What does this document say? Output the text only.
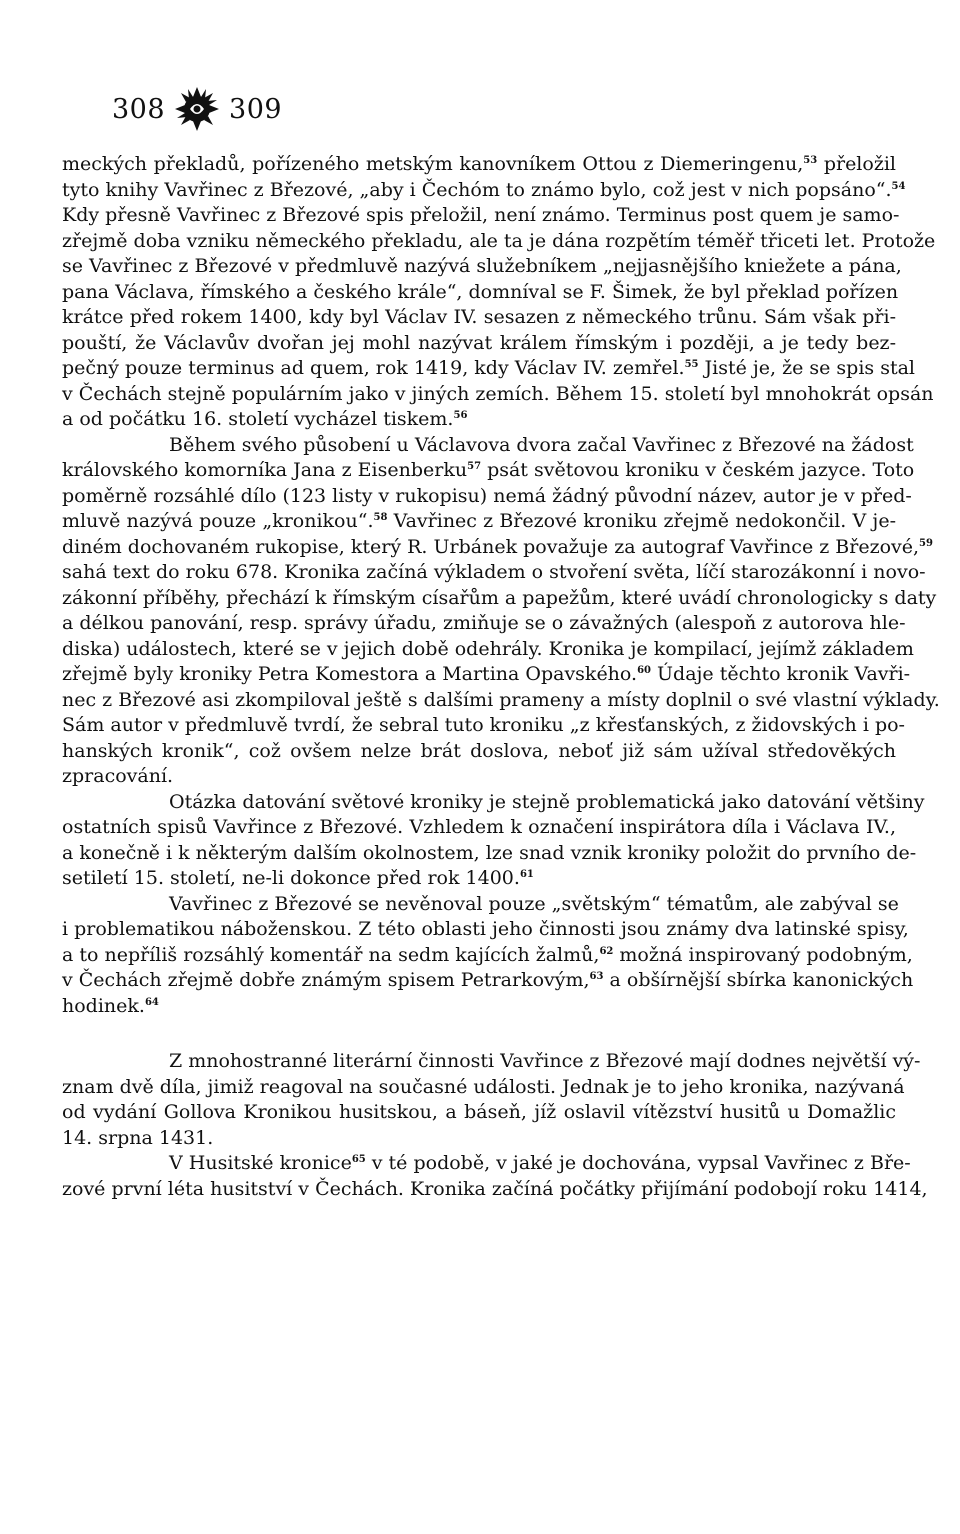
308 309
meckých překladů, pořízeného metským kanovníkem Ottou z Diemeringenu,$^{53}$ přeložil
tyto knihy Vavřinec z Březové, „aby i Čechóm to známo bylo, což jest v nich popsáno“.$^{54}$
Kdy přesně Vavřinec z Březové spis přeložil, není známo. Terminus post quem je samo-
zřejmě doba vzniku německého překladu, ale ta je dána rozpětím téměř třiceti let. Protože
se Vavřinec z Březové v předmluvě nazývá služebníkem „nejjasnějšího kniežete a pána,
pana Václava, římského a českého krále“, domníval se F. Šimek, že byl překlad pořízen
krátce před rokem 1400, kdy byl Václav IV. sesazen z německého trůnu. Sám však při-
pouští, že Václavův dvořan jej mohl nazývat králem římským i později, a je tedy bez-
pečný pouze terminus ad quem, rok 1419, kdy Václav IV. zemřel.$^{55}$ Jisté je, že se spis stal
v Čechách stejně populárním jako v jiných zemích. Během 15. století byl mnohokrát opsán
a od počátku 16. století vycházel tiskem.$^{56}$
Během svého působení u Václavova dvora začal Vavřinec z Březové na žádost
královského komorníka Jana z Eisenberku$^{57}$ psát světovou kroniku v českém jazyce. Toto
poměrně rozsáhlé dílo (123 listy v rukopisu) nemá žádný původní název, autor je v před-
mluvě nazývá pouze „kronikou“.$^{58}$ Vavřinec z Březové kroniku zřejmě nedokončil. V je-
diném dochovaném rukopise, který R. Urbánek považuje za autograf Vavřince z Březové,$^{59}$
sahá text do roku 678. Kronika začíná výkladem o stvoření světa, líčí starozákonní i novo-
zákonní příběhy, přechází k římským císařům a papežům, které uvádí chronologicky s daty
a délkou panování, resp. správy úřadu, zmiňuje se o závažných (alespoň z autorova hle-
diska) událostech, které se v jejich době odehrály. Kronika je kompilací, jejímž základem
zřejmě byly kroniky Petra Komestora a Martina Opavského.$^{60}$ Údaje těchto kronik Vavři-
nec z Březové asi zkompiloval ještě s dalšími prameny a místy doplnil o své vlastní výklady.
Sám autor v předmluvě tvrdí, že sebral tuto kroniku „z křesťanských, z židovských i po-
hanských kronik“, což ovšem nelze brát doslova, neboť již sám užíval středověkých
zpracování.
Otázka datování světové kroniky je stejně problematická jako datování většiny
ostatních spisů Vavřince z Březové. Vzhledem k označení inspirátora díla i Václava IV.,
a konečně i k některým dalším okolnostem, lze snad vznik kroniky položit do prvního de-
setiletí 15. století, ne-li dokonce před rok 1400.61
Vavřinec z Březové se nevěnoval pouze „světským“ tématům, ale zabýval se
i problematikou náboženskou. Z této oblasti jeho činnosti jsou známy dva latinské spisy,
a to nepříliš rozsáhlý komentář na sedm kajících žalmů,$^{62}$ možná inspirovaný podobným,
v Čechách zřejmě dobře známým spisem Petrarkovým,$^{63}$ a obšírnější sbírka kanonických
hodinek.$^{64}$
Z mnohostranné literární činnosti Vavřince z Březové mají dodnes největší vý-
znam dvě díla, jimiž reagoval na současné události. Jednak je to jeho kronika, nazývaná
od vydání Gollova Kronikou husitskou, a báseň, jíž oslavil vítězství husitů u Domažlic
14. srpna 1431.
V Husitské kronice$^{65}$ v té podobě, v jaké je dochována, vypsal Vavřinec z Bře-
zové první léta husitství v Čechách. Kronika začíná počátky přijímání podobojí roku 1414,
